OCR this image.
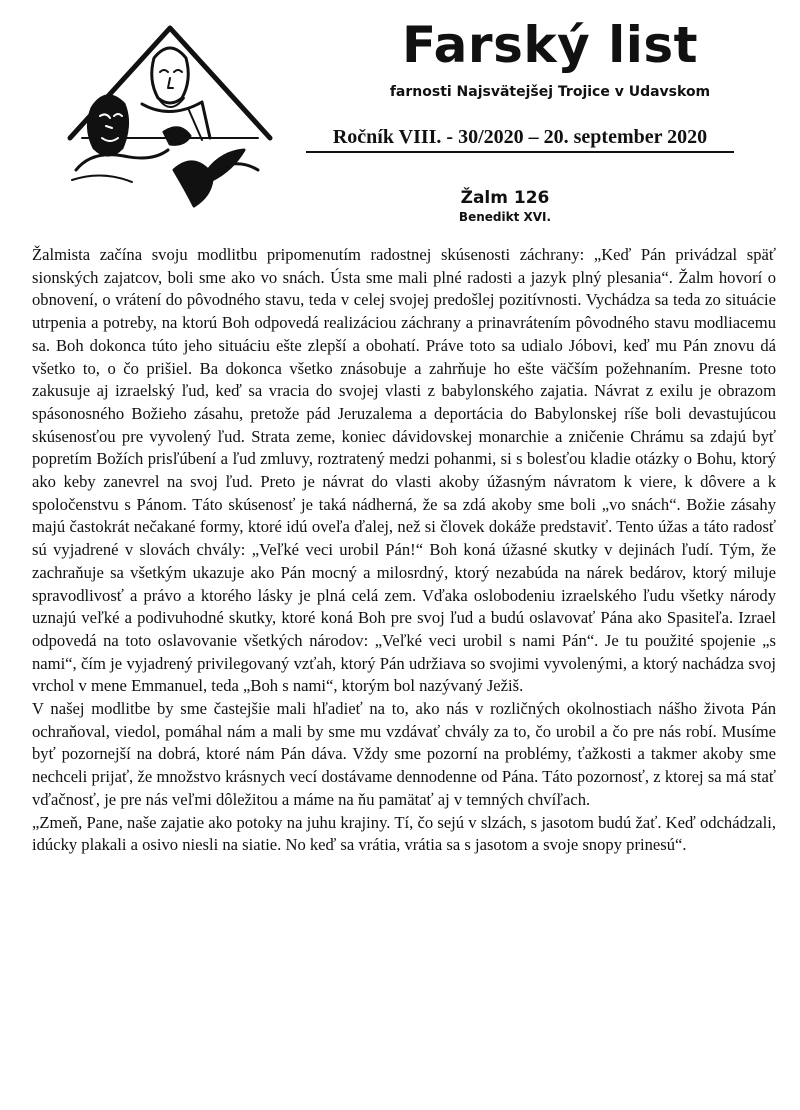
Farský list
farnosti Najsvätejšej Trojice v Udavskom
Ročník VIII. - 30/2020 – 20. september 2020
Žalm 126
Benedikt XVI.

Žalmista začína svoju modlitbu pripomenutím radostnej skúsenosti záchrany: „Keď Pán privádzal späť sionských zajatcov, boli sme ako vo snách. Ústa sme mali plné radosti a jazyk plný plesania“. Žalm hovorí o obnovení, o vrátení do pôvodného stavu, teda v celej svojej predošlej pozitívnosti. Vychádza sa teda zo situácie utrpenia a potreby, na ktorú Boh odpovedá realizáciou záchrany a prinavrátením pôvodného stavu modliacemu sa. Boh dokonca túto jeho situáciu ešte zlepší a obohatí. Práve toto sa udialo Jóbovi, keď mu Pán znovu dá všetko to, o čo prišiel. Ba dokonca všetko znásobuje a zahrňuje ho ešte väčším požehnaním. Presne toto zakusuje aj izraelský ľud, keď sa vracia do svojej vlasti z babylonského zajatia. Návrat z exilu je obrazom spásonosného Božieho zásahu, pretože pád Jeruzalema a deportácia do Babylonskej ríše boli devastujúcou skúsenosťou pre vyvolený ľud. Strata zeme, koniec dávidovskej monarchie a zničenie Chrámu sa zdajú byť popretím Božích prisľúbení a ľud zmluvy, roztratený medzi pohanmi, si s bolesťou kladie otázky o Bohu, ktorý ako keby zanevrel na svoj ľud. Preto je návrat do vlasti akoby úžasným návratom k viere, k dôvere a k spoločenstvu s Pánom. Táto skúsenosť je taká nádherná, že sa zdá akoby sme boli „vo snách“. Božie zásahy majú častokrát nečakané formy, ktoré idú oveľa ďalej, než si človek dokáže predstaviť. Tento úžas a táto radosť sú vyjadrené v slovách chvály: „Veľké veci urobil Pán!“ Boh koná úžasné skutky v dejinách ľudí. Tým, že zachraňuje sa všetkým ukazuje ako Pán mocný a milosrdný, ktorý nezabúda na nárek bedárov, ktorý miluje spravodlivosť a právo a ktorého lásky je plná celá zem. Vďaka oslobodeniu izraelského ľudu všetky národy uznajú veľké a podivuhodné skutky, ktoré koná Boh pre svoj ľud a budú oslavovať Pána ako Spasiteľa. Izrael odpovedá na toto oslavovanie všetkých národov: „Veľké veci urobil s nami Pán“. Je tu použité spojenie „s nami“, čím je vyjadrený privilegovaný vzťah, ktorý Pán udržiava so svojimi vyvolenými, a ktorý nachádza svoj vrchol v mene Emmanuel, teda „Boh s nami“, ktorým bol nazývaný Ježiš.

V našej modlitbe by sme častejšie mali hľadieť na to, ako nás v rozličných okolnostiach nášho života Pán ochraňoval, viedol, pomáhal nám a mali by sme mu vzdávať chvály za to, čo urobil a čo pre nás robí. Musíme byť pozornejší na dobrá, ktoré nám Pán dáva. Vždy sme pozorní na problémy, ťažkosti a takmer akoby sme nechceli prijať, že množstvo krásnych vecí dostávame dennodenne od Pána. Táto pozornosť, z ktorej sa má stať vďačnosť, je pre nás veľmi dôležitou a máme na ňu pamätať aj v temných chvíľach.

„Zmeň, Pane, naše zajatie ako potoky na juhu krajiny. Tí, čo sejú v slzách, s jasotom budú žať. Keď odchádzali, idúcky plakali a osivo niesli na siatie. No keď sa vrátia, vrátia sa s jasotom a svoje snopy prinesú“.
